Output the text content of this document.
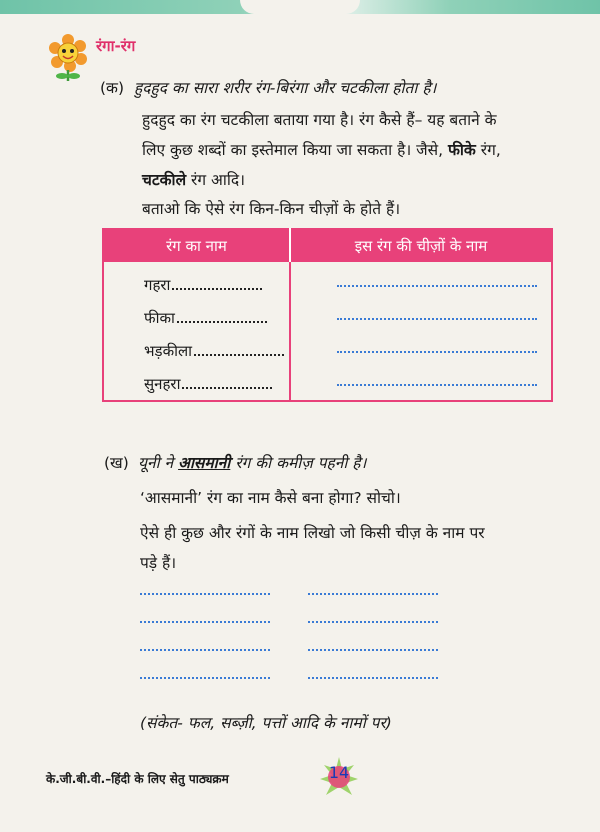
रंगा-रंग
(क) हुदहुद का सारा शरीर रंग-बिरंगा और चटकीला होता है।
हुदहुद का रंग चटकीला बताया गया है। रंग कैसे हैं– यह बताने के
लिए कुछ शब्दों का इस्तेमाल किया जा सकता है। जैसे, फीके रंग,
चटकीले रंग आदि।
बताओ कि ऐसे रंग किन-किन चीज़ों के होते हैं।
रंग का नाम	इस रंग की चीज़ों के नाम
गहरा	

फीका	

भड़कीला	

सुनहरा	
(ख) यूनी ने आसमानी रंग की कमीज़ पहनी है।
‘आसमानी’ रंग का नाम कैसे बना होगा? सोचो।
ऐसे ही कुछ और रंगों के नाम लिखो जो किसी चीज़ के नाम पर
पड़े हैं।
(संकेत- फल, सब्ज़ी, पत्तों आदि के नामों पर)
के.जी.बी.वी.–हिंदी के लिए सेतु पाठ्यक्रम	14
